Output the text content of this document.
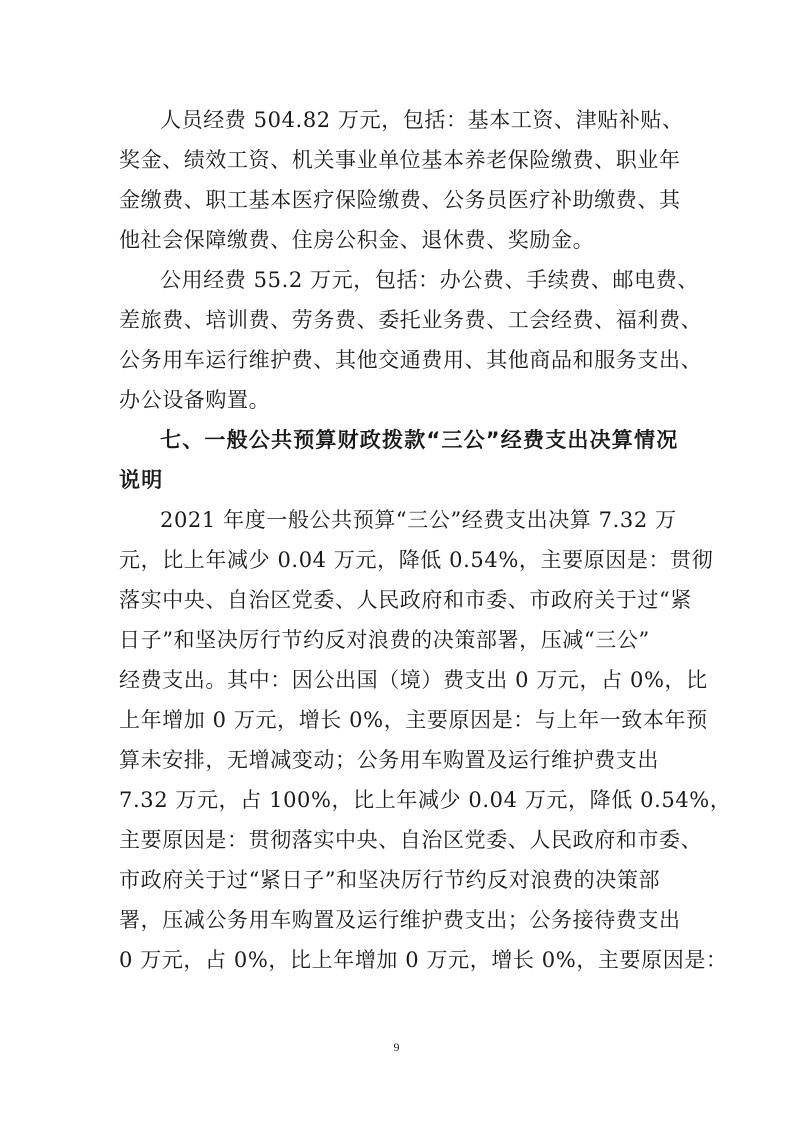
人员经费 504.82 万元，包括：基本工资、津贴补贴、
奖金、绩效工资、机关事业单位基本养老保险缴费、职业年
金缴费、职工基本医疗保险缴费、公务员医疗补助缴费、其
他社会保障缴费、住房公积金、退休费、奖励金。
公用经费 55.2 万元，包括：办公费、手续费、邮电费、
差旅费、培训费、劳务费、委托业务费、工会经费、福利费、
公务用车运行维护费、其他交通费用、其他商品和服务支出、
办公设备购置。
七、一般公共预算财政拨款“三公”经费支出决算情况
说明
2021 年度一般公共预算“三公”经费支出决算 7.32 万
元，比上年减少 0.04 万元，降低 0.54%，主要原因是：贯彻
落实中央、自治区党委、人民政府和市委、市政府关于过“紧
日子”和坚决厉行节约反对浪费的决策部署，压减“三公”
经费支出。其中：因公出国（境）费支出 0 万元，占 0%，比
上年增加 0 万元，增长 0%，主要原因是：与上年一致本年预
算未安排，无增减变动；公务用车购置及运行维护费支出
7.32 万元，占 100%，比上年减少 0.04 万元，降低 0.54%，
主要原因是：贯彻落实中央、自治区党委、人民政府和市委、
市政府关于过“紧日子”和坚决厉行节约反对浪费的决策部
署，压减公务用车购置及运行维护费支出；公务接待费支出
0 万元，占 0%，比上年增加 0 万元，增长 0%，主要原因是：
9
